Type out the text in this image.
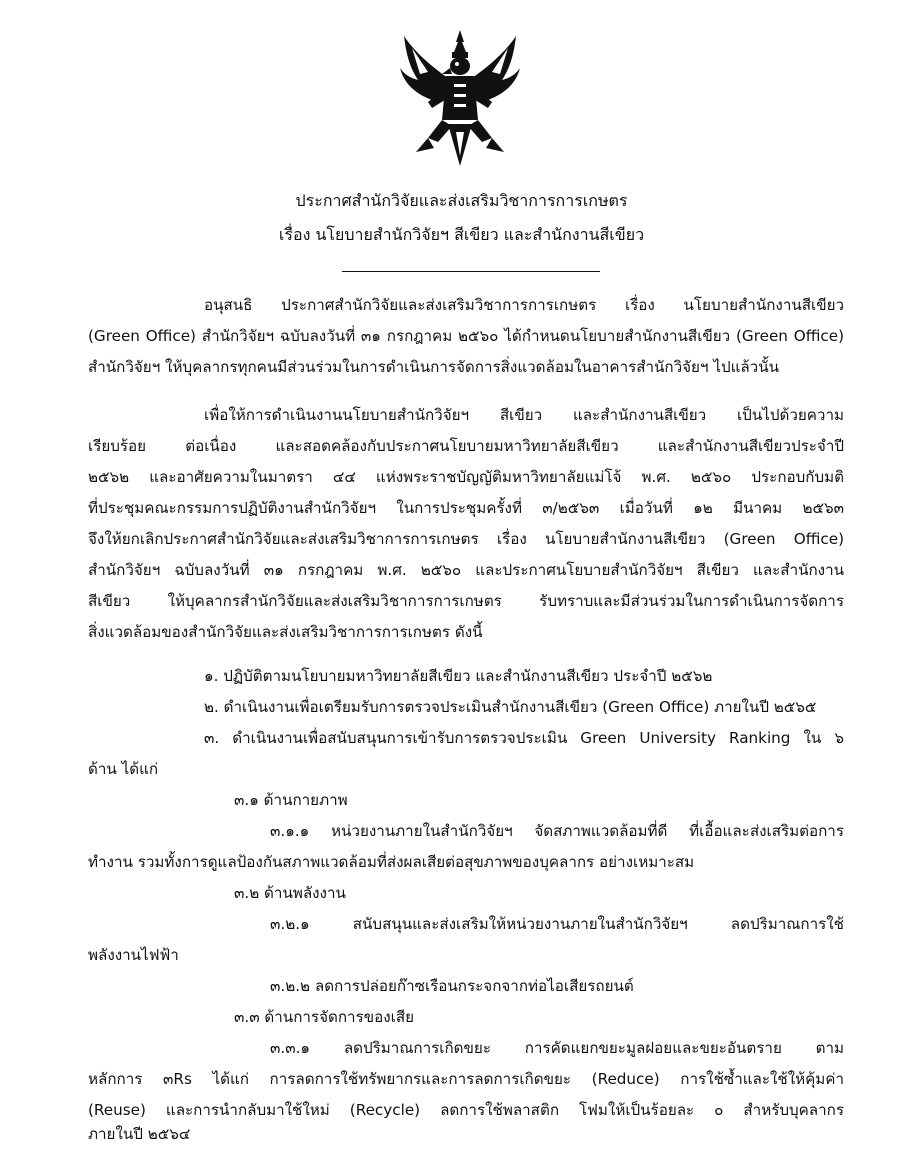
ประกาศสำนักวิจัยและส่งเสริมวิชาการการเกษตร
เรื่อง นโยบายสำนักวิจัยฯ สีเขียว และสำนักงานสีเขียว
อนุสนธิ ประกาศสำนักวิจัยและส่งเสริมวิชาการการเกษตร เรื่อง นโยบายสำนักงานสีเขียว
(Green Office) สำนักวิจัยฯ ฉบับลงวันที่ ๓๑ กรกฎาคม ๒๕๖๐ ได้กำหนดนโยบายสำนักงานสีเขียว (Green Office)
สำนักวิจัยฯ ให้บุคลากรทุกคนมีส่วนร่วมในการดำเนินการจัดการสิ่งแวดล้อมในอาคารสำนักวิจัยฯ ไปแล้วนั้น
เพื่อให้การดำเนินงานนโยบายสำนักวิจัยฯ สีเขียว และสำนักงานสีเขียว เป็นไปด้วยความ
เรียบร้อย ต่อเนื่อง และสอดคล้องกับประกาศนโยบายมหาวิทยาลัยสีเขียว และสำนักงานสีเขียวประจำปี
๒๕๖๒ และอาศัยความในมาตรา ๔๔ แห่งพระราชบัญญัติมหาวิทยาลัยแม่โจ้ พ.ศ. ๒๕๖๐ ประกอบกับมติ
ที่ประชุมคณะกรรมการปฏิบัติงานสำนักวิจัยฯ ในการประชุมครั้งที่ ๓/๒๕๖๓ เมื่อวันที่ ๑๒ มีนาคม ๒๕๖๓
จึงให้ยกเลิกประกาศสำนักวิจัยและส่งเสริมวิชาการการเกษตร เรื่อง นโยบายสำนักงานสีเขียว (Green Office)
สำนักวิจัยฯ ฉบับลงวันที่ ๓๑ กรกฎาคม พ.ศ. ๒๕๖๐ และประกาศนโยบายสำนักวิจัยฯ สีเขียว และสำนักงาน
สีเขียว ให้บุคลากรสำนักวิจัยและส่งเสริมวิชาการการเกษตร รับทราบและมีส่วนร่วมในการดำเนินการจัดการ
สิ่งแวดล้อมของสำนักวิจัยและส่งเสริมวิชาการการเกษตร ดังนี้
๑. ปฏิบัติตามนโยบายมหาวิทยาลัยสีเขียว และสำนักงานสีเขียว ประจำปี ๒๕๖๒
๒. ดำเนินงานเพื่อเตรียมรับการตรวจประเมินสำนักงานสีเขียว (Green Office) ภายในปี ๒๕๖๕
๓. ดำเนินงานเพื่อสนับสนุนการเข้ารับการตรวจประเมิน Green University Ranking ใน ๖
ด้าน ได้แก่
๓.๑ ด้านกายภาพ
๓.๑.๑ หน่วยงานภายในสำนักวิจัยฯ จัดสภาพแวดล้อมที่ดี ที่เอื้อและส่งเสริมต่อการ
ทำงาน รวมทั้งการดูแลป้องกันสภาพแวดล้อมที่ส่งผลเสียต่อสุขภาพของบุคลากร อย่างเหมาะสม
๓.๒ ด้านพลังงาน
๓.๒.๑ สนับสนุนและส่งเสริมให้หน่วยงานภายในสำนักวิจัยฯ ลดปริมาณการใช้
พลังงานไฟฟ้า
๓.๒.๒ ลดการปล่อยก๊าซเรือนกระจกจากท่อไอเสียรถยนต์
๓.๓ ด้านการจัดการของเสีย
๓.๓.๑ ลดปริมาณการเกิดขยะ การคัดแยกขยะมูลฝอยและขยะอันตราย ตาม
หลักการ ๓Rs ได้แก่ การลดการใช้ทรัพยากรและการลดการเกิดขยะ (Reduce) การใช้ซ้ำและใช้ให้คุ้มค่า
(Reuse) และการนำกลับมาใช้ใหม่ (Recycle) ลดการใช้พลาสติก โฟมให้เป็นร้อยละ ๐ สำหรับบุคลากร
ภายในปี ๒๕๖๔
